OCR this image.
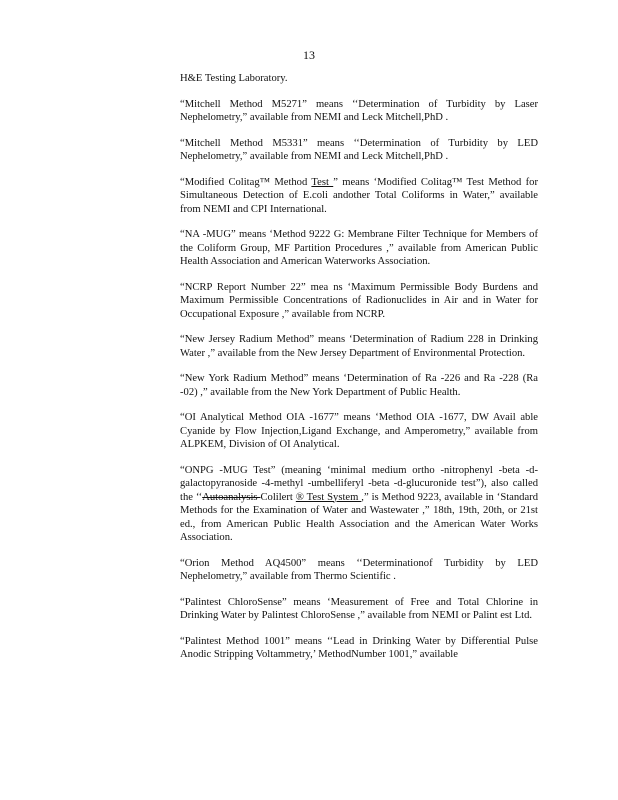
13

H&E Testing Laboratory.

“Mitchell Method M5271” means ‘‘Determination of Turbidity by Laser Nephelometry,” available from NEMI and Leck Mitchell,PhD .

“Mitchell Method M5331” means ‘‘Determination of Turbidity by LED Nephelometry,” available from NEMI and Leck Mitchell,PhD .

“Modified Colitag™ Method Test ” means ‘Modified Colitag™ Test Method for Simultaneous Detection of E.coli andother Total Coliforms in Water,” available from NEMI and CPI International.

“NA -MUG” means ‘Method 9222 G: Membrane Filter Technique for Members of the Coliform Group, MF Partition Procedures ,” available from American Public Health Association and American Waterworks Association.

“NCRP Report Number 22” mea ns ‘Maximum Permissible Body Burdens and Maximum Permissible Concentrations of Radionuclides in Air and in Water for Occupational Exposure ,” available from NCRP.

“New Jersey Radium Method” means ‘Determination of Radium 228 in Drinking Water ,” available from the New Jersey Department of Environmental Protection.

“New York Radium Method” means ‘Determination of Ra -226 and Ra -228 (Ra -02) ,” available from the New York Department of Public Health.

“OI Analytical Method OIA -1677” means ‘Method OIA -1677, DW Avail able Cyanide by Flow Injection,Ligand Exchange, and Amperometry,” available from ALPKEM, Division of OI Analytical.

“ONPG -MUG Test” (meaning ‘minimal medium ortho -nitrophenyl -beta -d-galactopyranoside -4-methyl -umbelliferyl -beta -d-glucuronide test”), also called the ‘‘Autoanalysis Colilert ® Test System ,” is Method 9223, available in ‘Standard Methods for the Examination of Water and Wastewater ,” 18th, 19th, 20th, or 21st ed., from American Public Health Association and the American Water Works Association.

“Orion Method AQ4500” means ‘‘Determinationof Turbidity by LED Nephelometry,” available from Thermo Scientific .

“Palintest ChloroSense” means ‘Measurement of Free and Total Chlorine in Drinking Water by Palintest ChloroSense ,” available from NEMI or Palint est Ltd.

“Palintest Method 1001” means ‘‘Lead in Drinking Water by Differential Pulse Anodic Stripping Voltammetry,’ MethodNumber 1001,” available
